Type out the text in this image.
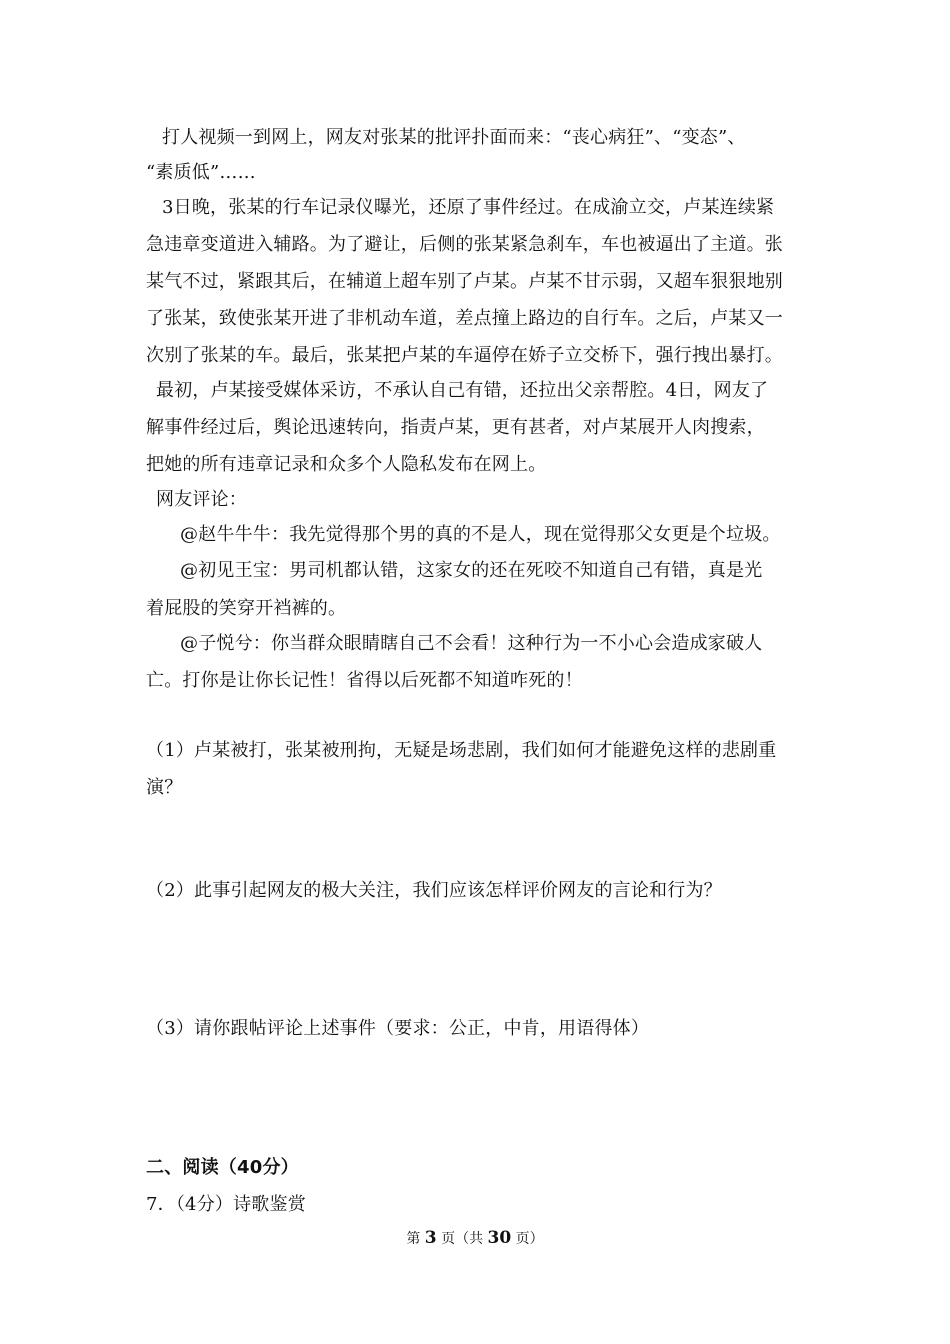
打人视频一到网上，网友对张某的批评扑面而来：“丧心病狂”、“变态”、
“素质低”……
3日晚，张某的行车记录仪曝光，还原了事件经过。在成渝立交，卢某连续紧
急违章变道进入辅路。为了避让，后侧的张某紧急刹车，车也被逼出了主道。张
某气不过，紧跟其后，在辅道上超车别了卢某。卢某不甘示弱，又超车狠狠地别
了张某，致使张某开进了非机动车道，差点撞上路边的自行车。之后，卢某又一
次别了张某的车。最后，张某把卢某的车逼停在娇子立交桥下，强行拽出暴打。
最初，卢某接受媒体采访，不承认自己有错，还拉出父亲帮腔。4日，网友了
解事件经过后，舆论迅速转向，指责卢某，更有甚者，对卢某展开人肉搜索，
把她的所有违章记录和众多个人隐私发布在网上。
网友评论：
@赵牛牛牛：我先觉得那个男的真的不是人，现在觉得那父女更是个垃圾。
@初见王宝：男司机都认错，这家女的还在死咬不知道自己有错，真是光
着屁股的笑穿开裆裤的。
@子悦兮：你当群众眼睛瞎自己不会看！这种行为一不小心会造成家破人
亡。打你是让你长记性！省得以后死都不知道咋死的！
（1）卢某被打，张某被刑拘，无疑是场悲剧，我们如何才能避免这样的悲剧重
演？
（2）此事引起网友的极大关注，我们应该怎样评价网友的言论和行为？
（3）请你跟帖评论上述事件（要求：公正，中肯，用语得体）
二、阅读（40分）
7．（4分）诗歌鉴赏
第 3 页（共 30 页）
